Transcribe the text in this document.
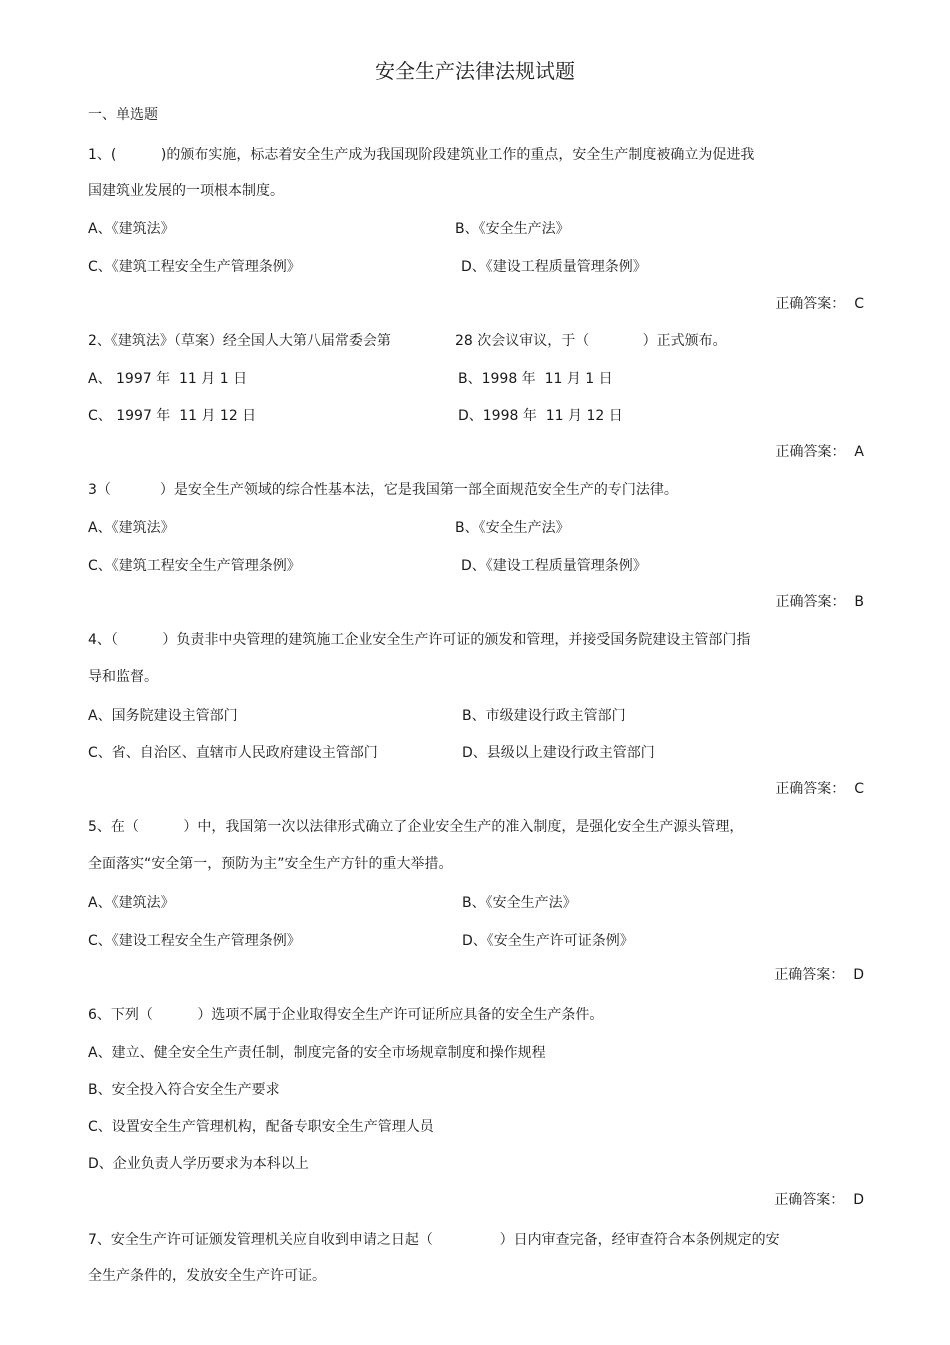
安全生产法律法规试题
一、单选题
1、(          )的颁布实施，标志着安全生产成为我国现阶段建筑业工作的重点，安全生产制度被确立为促进我
国建筑业发展的一项根本制度。
A、《建筑法》	B、《安全生产法》
C、《建筑工程安全生产管理条例》	D、《建设工程质量管理条例》
正确答案：  C
2、《建筑法》（草案）经全国人大第八届常委会第	28 次会议审议，于（            ）正式颁布。
A、 1997 年  11 月 1 日	B、1998 年  11 月 1 日
C、 1997 年  11 月 12 日	D、1998 年  11 月 12 日
正确答案：  A
3（           ）是安全生产领域的综合性基本法，它是我国第一部全面规范安全生产的专门法律。
A、《建筑法》	B、《安全生产法》
C、《建筑工程安全生产管理条例》	D、《建设工程质量管理条例》
正确答案：  B
4、（          ）负责非中央管理的建筑施工企业安全生产许可证的颁发和管理，并接受国务院建设主管部门指
导和监督。
A、国务院建设主管部门	B、市级建设行政主管部门
C、省、自治区、直辖市人民政府建设主管部门	D、县级以上建设行政主管部门
正确答案：  C
5、在（          ）中，我国第一次以法律形式确立了企业安全生产的准入制度，是强化安全生产源头管理，
全面落实“安全第一，预防为主”安全生产方针的重大举措。
A、《建筑法》	B、《安全生产法》
C、《建设工程安全生产管理条例》	D、《安全生产许可证条例》
正确答案：  D
6、下列（          ）选项不属于企业取得安全生产许可证所应具备的安全生产条件。
A、建立、健全安全生产责任制，制度完备的安全市场规章制度和操作规程
B、安全投入符合安全生产要求
C、设置安全生产管理机构，配备专职安全生产管理人员
D、企业负责人学历要求为本科以上
正确答案：  D
7、安全生产许可证颁发管理机关应自收到申请之日起（               ）日内审查完备，经审查符合本条例规定的安
全生产条件的，发放安全生产许可证。
